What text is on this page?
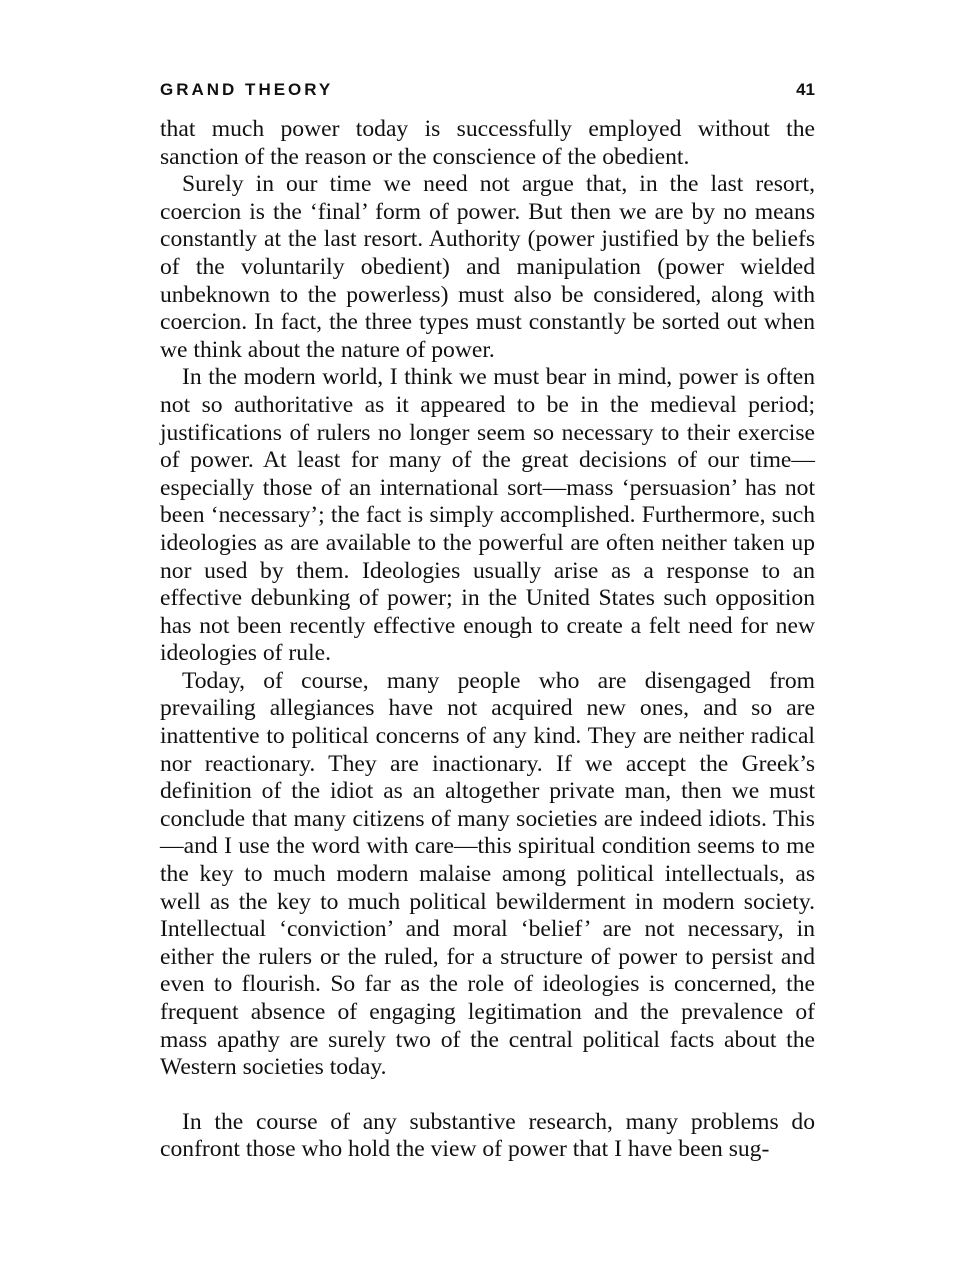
GRAND THEORY	41

that much power today is successfully employed without the sanction of the reason or the conscience of the obedient.

Surely in our time we need not argue that, in the last resort, coercion is the ‘final’ form of power. But then we are by no means constantly at the last resort. Authority (power justified by the beliefs of the voluntarily obedient) and manipulation (power wielded unbeknown to the powerless) must also be considered, along with coercion. In fact, the three types must constantly be sorted out when we think about the nature of power.

In the modern world, I think we must bear in mind, power is often not so authoritative as it appeared to be in the medieval period; justifications of rulers no longer seem so necessary to their exercise of power. At least for many of the great decisions of our time—especially those of an international sort—mass ‘persuasion’ has not been ‘necessary’; the fact is simply accomplished. Furthermore, such ideologies as are available to the powerful are often neither taken up nor used by them. Ideologies usually arise as a response to an effective debunking of power; in the United States such opposition has not been recently effective enough to create a felt need for new ideologies of rule.

Today, of course, many people who are disengaged from prevailing allegiances have not acquired new ones, and so are inattentive to political concerns of any kind. They are neither radical nor reactionary. They are inactionary. If we accept the Greek’s definition of the idiot as an altogether private man, then we must conclude that many citizens of many societies are indeed idiots. This—and I use the word with care—this spiritual condition seems to me the key to much modern malaise among political intellectuals, as well as the key to much political bewilderment in modern society. Intellectual ‘conviction’ and moral ‘belief’ are not necessary, in either the rulers or the ruled, for a structure of power to persist and even to flourish. So far as the role of ideologies is concerned, the frequent absence of engaging legitimation and the prevalence of mass apathy are surely two of the central political facts about the Western societies today.

In the course of any substantive research, many problems do confront those who hold the view of power that I have been sug-
